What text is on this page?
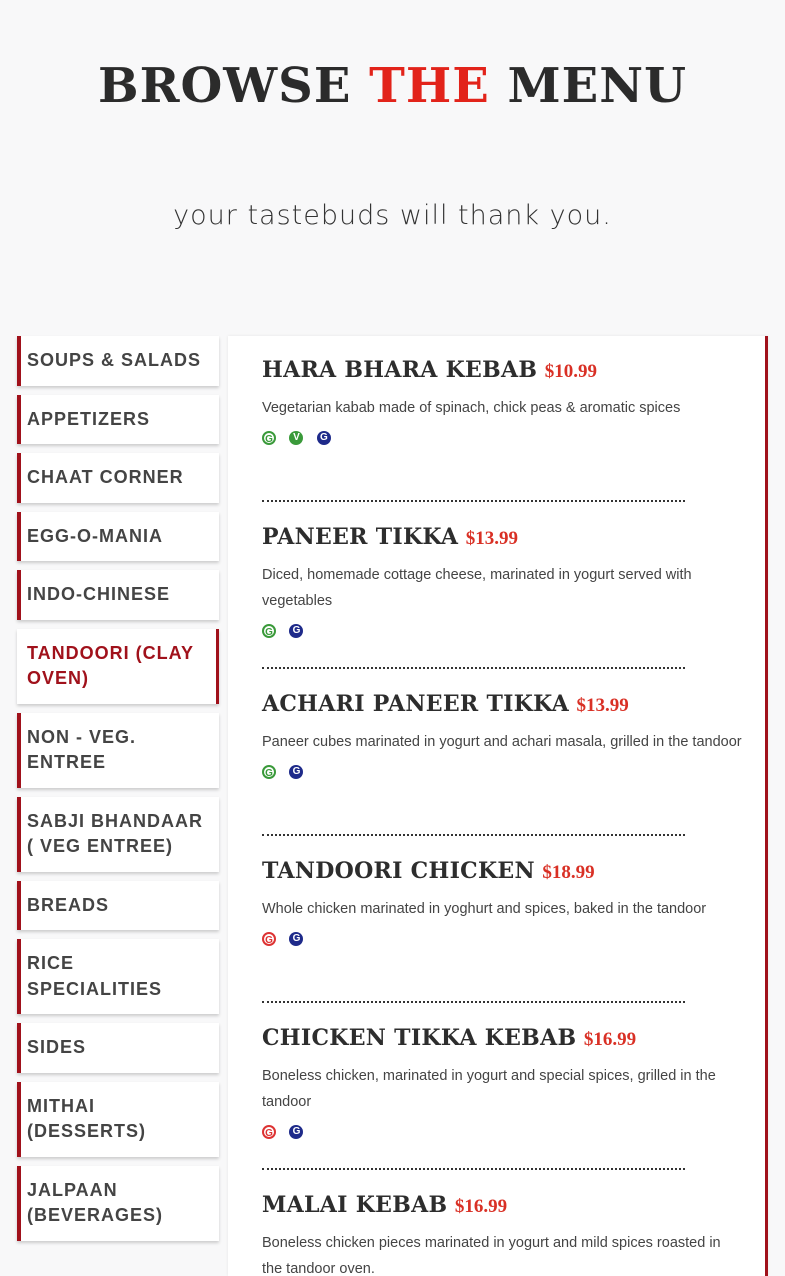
BROWSE THE MENU
your tastebuds will thank you.
SOUPS & SALADS
APPETIZERS
CHAAT CORNER
EGG-O-MANIA
INDO-CHINESE
TANDOORI (CLAY OVEN)
NON - VEG. ENTREE
SABJI BHANDAAR ( VEG ENTREE)
BREADS
RICE SPECIALITIES
SIDES
MITHAI (DESSERTS)
JALPAAN (BEVERAGES)
HARA BHARA KEBAB $10.99
Vegetarian kabab made of spinach, chick peas & aromatic spices
G V G
PANEER TIKKA $13.99
Diced, homemade cottage cheese, marinated in yogurt served with vegetables
G G
ACHARI PANEER TIKKA $13.99
Paneer cubes marinated in yogurt and achari masala, grilled in the tandoor
G G
TANDOORI CHICKEN $18.99
Whole chicken marinated in yoghurt and spices, baked in the tandoor
G G
CHICKEN TIKKA KEBAB $16.99
Boneless chicken, marinated in yogurt and special spices, grilled in the tandoor
G G
MALAI KEBAB $16.99
Boneless chicken pieces marinated in yogurt and mild spices roasted in the tandoor oven.
